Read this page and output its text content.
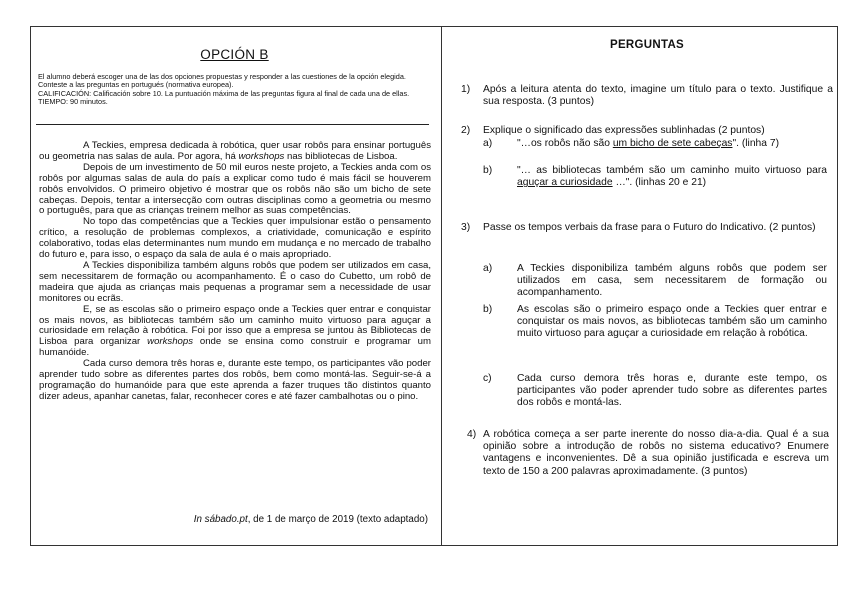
OPCIÓN B
El alumno deberá escoger una de las dos opciones propuestas y responder a las cuestiones de la opción elegida. Conteste a las preguntas en portugués (normativa europea).
CALIFICACIÓN: Calificación sobre 10. La puntuación máxima de las preguntas figura al final de cada una de ellas. TIEMPO: 90 minutos.

A Teckies, empresa dedicada à robótica, quer usar robôs para ensinar português ou geometria nas salas de aula. Por agora, há workshops nas bibliotecas de Lisboa.

Depois de um investimento de 50 mil euros neste projeto, a Teckies anda com os robôs por algumas salas de aula do país a explicar como tudo é mais fácil se houverem robôs envolvidos. O primeiro objetivo é mostrar que os robôs não são um bicho de sete cabeças. Depois, tentar a intersecção com outras disciplinas como a geometria ou mesmo o português, para que as crianças treinem melhor as suas competências.

No topo das competências que a Teckies quer impulsionar estão o pensamento crítico, a resolução de problemas complexos, a criatividade, comunicação e espírito colaborativo, todas elas determinantes num mundo em mudança e no mercado de trabalho do futuro e, para isso, o espaço da sala de aula é o mais apropriado.

A Teckies disponibiliza também alguns robôs que podem ser utilizados em casa, sem necessitarem de formação ou acompanhamento. É o caso do Cubetto, um robô de madeira que ajuda as crianças mais pequenas a programar sem a necessidade de usar monitores ou ecrãs.

E, se as escolas são o primeiro espaço onde a Teckies quer entrar e conquistar os mais novos, as bibliotecas também são um caminho muito virtuoso para aguçar a curiosidade em relação à robótica. Foi por isso que a empresa se juntou às Bibliotecas de Lisboa para organizar workshops onde se ensina como construir e programar um humanóide.

Cada curso demora três horas e, durante este tempo, os participantes vão poder aprender tudo sobre as diferentes partes dos robôs, bem como montá-las. Seguir-se-á a programação do humanóide para que este aprenda a fazer truques tão distintos quanto dizer adeus, apanhar canetas, falar, reconhecer cores e até fazer cambalhotas ou o pino.

In sábado.pt, de 1 de março de 2019 (texto adaptado)
PERGUNTAS
1) Após a leitura atenta do texto, imagine um título para o texto. Justifique a sua resposta. (3 puntos)
2) Explique o significado das expressões sublinhadas (2 puntos)
a) "…os robôs não são um bicho de sete cabeças". (linha 7)
b) "… as bibliotecas também são um caminho muito virtuoso para aguçar a curiosidade …". (linhas 20 e 21)
3) Passe os tempos verbais da frase para o Futuro do Indicativo. (2 puntos)
a) A Teckies disponibiliza também alguns robôs que podem ser utilizados em casa, sem necessitarem de formação ou acompanhamento.
b) As escolas são o primeiro espaço onde a Teckies quer entrar e conquistar os mais novos, as bibliotecas também são um caminho muito virtuoso para aguçar a curiosidade em relação à robótica.
c) Cada curso demora três horas e, durante este tempo, os participantes vão poder aprender tudo sobre as diferentes partes dos robôs e montá-las.
4) A robótica começa a ser parte inerente do nosso dia-a-dia. Qual é a sua opinião sobre a introdução de robôs no sistema educativo? Enumere vantagens e inconvenientes. Dê a sua opinião justificada e escreva um texto de 150 a 200 palavras aproximadamente. (3 puntos)
